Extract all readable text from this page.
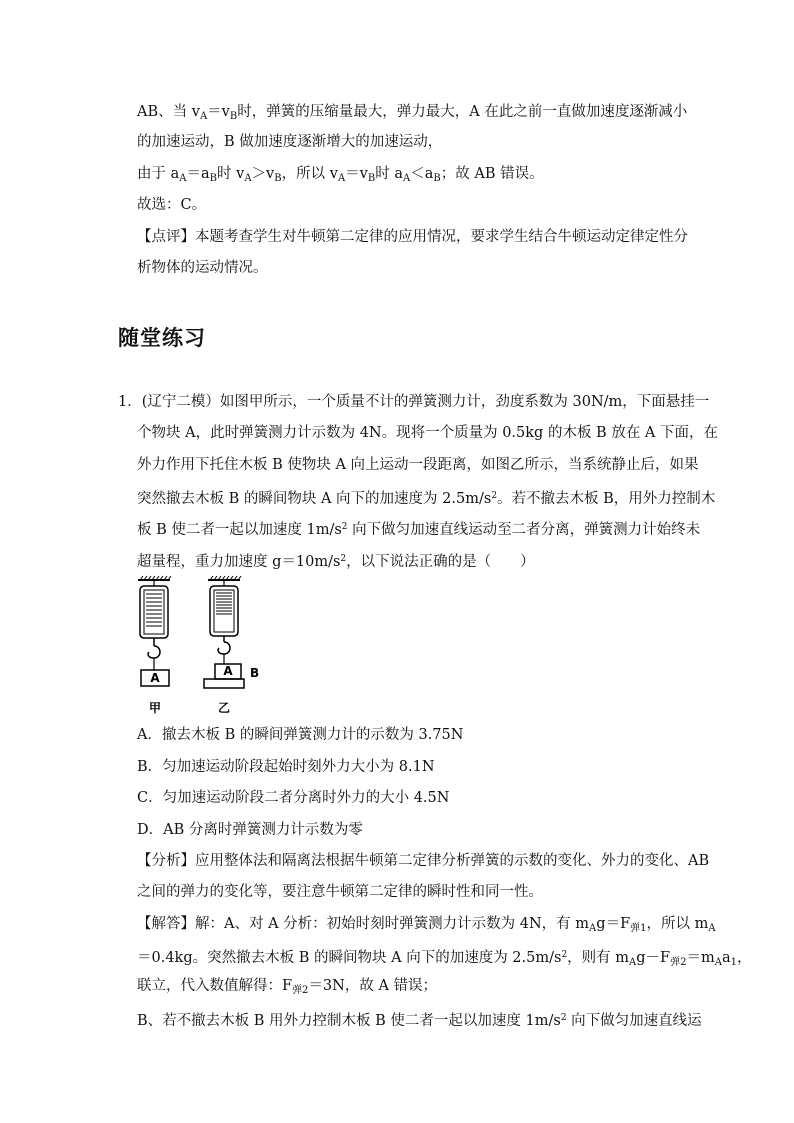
AB、当 $v_A=v_B$时，弹簧的压缩量最大，弹力最大，A 在此之前一直做加速度逐渐减小
的加速运动，B 做加速度逐渐增大的加速运动，
由于 $a_A=a_B$时 $v_A>v_B$，所以 $v_A=v_B$时 $a_A<a_B$；故 AB 错误。
故选：C。
【点评】本题考查学生对牛顿第二定律的应用情况，要求学生结合牛顿运动定律定性分
析物体的运动情况。
随堂练习
1．(辽宁二模）如图甲所示，一个质量不计的弹簧测力计，劲度系数为 30N/m，下面悬挂一
个物块 A，此时弹簧测力计示数为 4N。现将一个质量为 0.5kg 的木板 B 放在 A 下面，在
外力作用下托住木板 B 使物块 A 向上运动一段距离，如图乙所示，当系统静止后，如果
突然撤去木板 B 的瞬间物块 A 向下的加速度为 $2.5m/s^2$。若不撤去木板 B，用外力控制木
板 B 使二者一起以加速度 $1m/s^2$ 向下做匀加速直线运动至二者分离，弹簧测力计始终未
超量程，重力加速度 $g=10m/s^2$，以下说法正确的是（　　）
A
甲
A B
乙
A．撤去木板 B 的瞬间弹簧测力计的示数为 3.75N
B．匀加速运动阶段起始时刻外力大小为 8.1N
C．匀加速运动阶段二者分离时外力的大小 4.5N
D．AB 分离时弹簧测力计示数为零
【分析】应用整体法和隔离法根据牛顿第二定律分析弹簧的示数的变化、外力的变化、AB
之间的弹力的变化等，要注意牛顿第二定律的瞬时性和同一性。
【解答】解：A、对 A 分析：初始时刻时弹簧测力计示数为 4N，有 $m_Ag=F_{弹1}$，所以 $m_A$
＝0.4kg。突然撤去木板 B 的瞬间物块 A 向下的加速度为 $2.5m/s^2$，则有 $m_Ag-F_{弹2}=m_Aa_1$，
联立，代入数值解得：$F_{弹2}=3N$，故 A 错误；
B、若不撤去木板 B 用外力控制木板 B 使二者一起以加速度 $1m/s^2$ 向下做匀加速直线运
